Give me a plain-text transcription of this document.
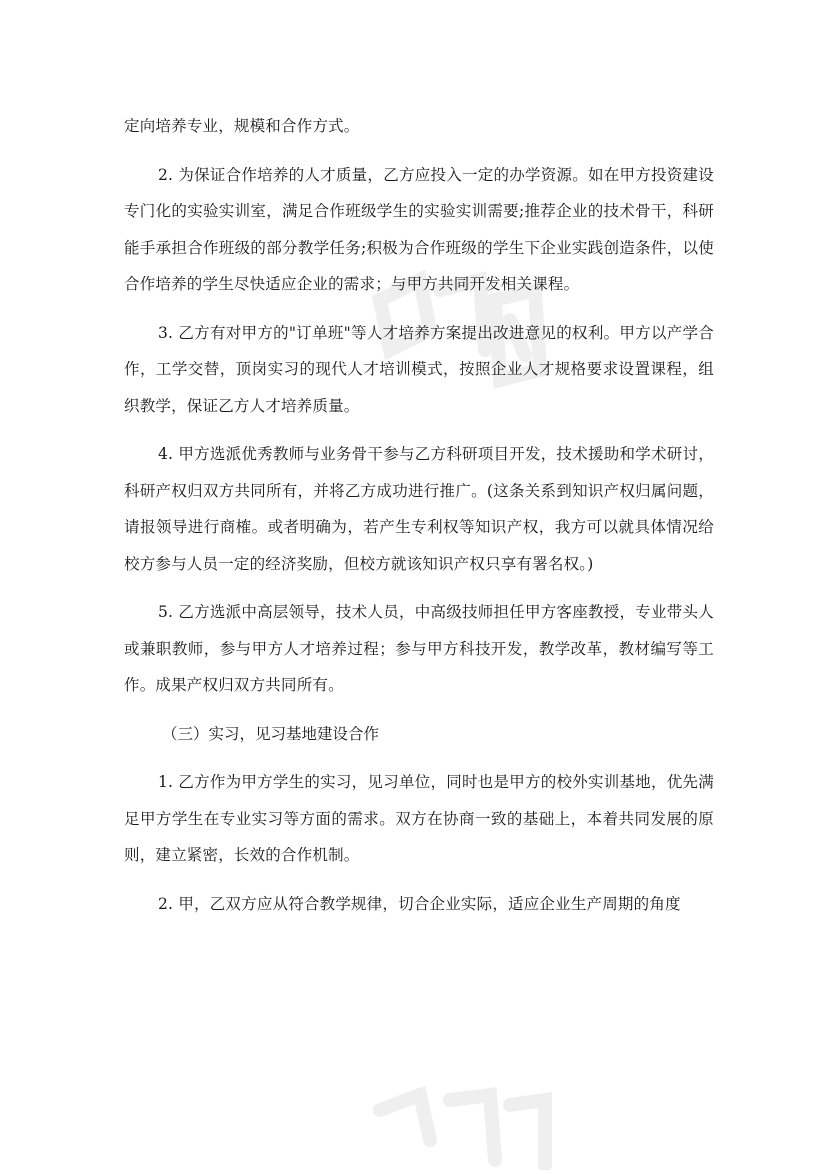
定向培养专业，规模和合作方式。

2. 为保证合作培养的人才质量，乙方应投入一定的办学资源。如在甲方投资建设专门化的实验实训室，满足合作班级学生的实验实训需要;推荐企业的技术骨干，科研能手承担合作班级的部分教学任务;积极为合作班级的学生下企业实践创造条件，以使合作培养的学生尽快适应企业的需求；与甲方共同开发相关课程。

3. 乙方有对甲方的"订单班"等人才培养方案提出改进意见的权利。甲方以产学合作，工学交替，顶岗实习的现代人才培训模式，按照企业人才规格要求设置课程，组织教学，保证乙方人才培养质量。

4. 甲方选派优秀教师与业务骨干参与乙方科研项目开发，技术援助和学术研讨，科研产权归双方共同所有，并将乙方成功进行推广。(这条关系到知识产权归属问题，请报领导进行商榷。或者明确为，若产生专利权等知识产权，我方可以就具体情况给校方参与人员一定的经济奖励，但校方就该知识产权只享有署名权。)

5. 乙方选派中高层领导，技术人员，中高级技师担任甲方客座教授，专业带头人或兼职教师，参与甲方人才培养过程；参与甲方科技开发，教学改革，教材编写等工作。成果产权归双方共同所有。

（三）实习，见习基地建设合作

1. 乙方作为甲方学生的实习，见习单位，同时也是甲方的校外实训基地，优先满足甲方学生在专业实习等方面的需求。双方在协商一致的基础上，本着共同发展的原则，建立紧密，长效的合作机制。

2. 甲，乙双方应从符合教学规律，切合企业实际，适应企业生产周期的角度
